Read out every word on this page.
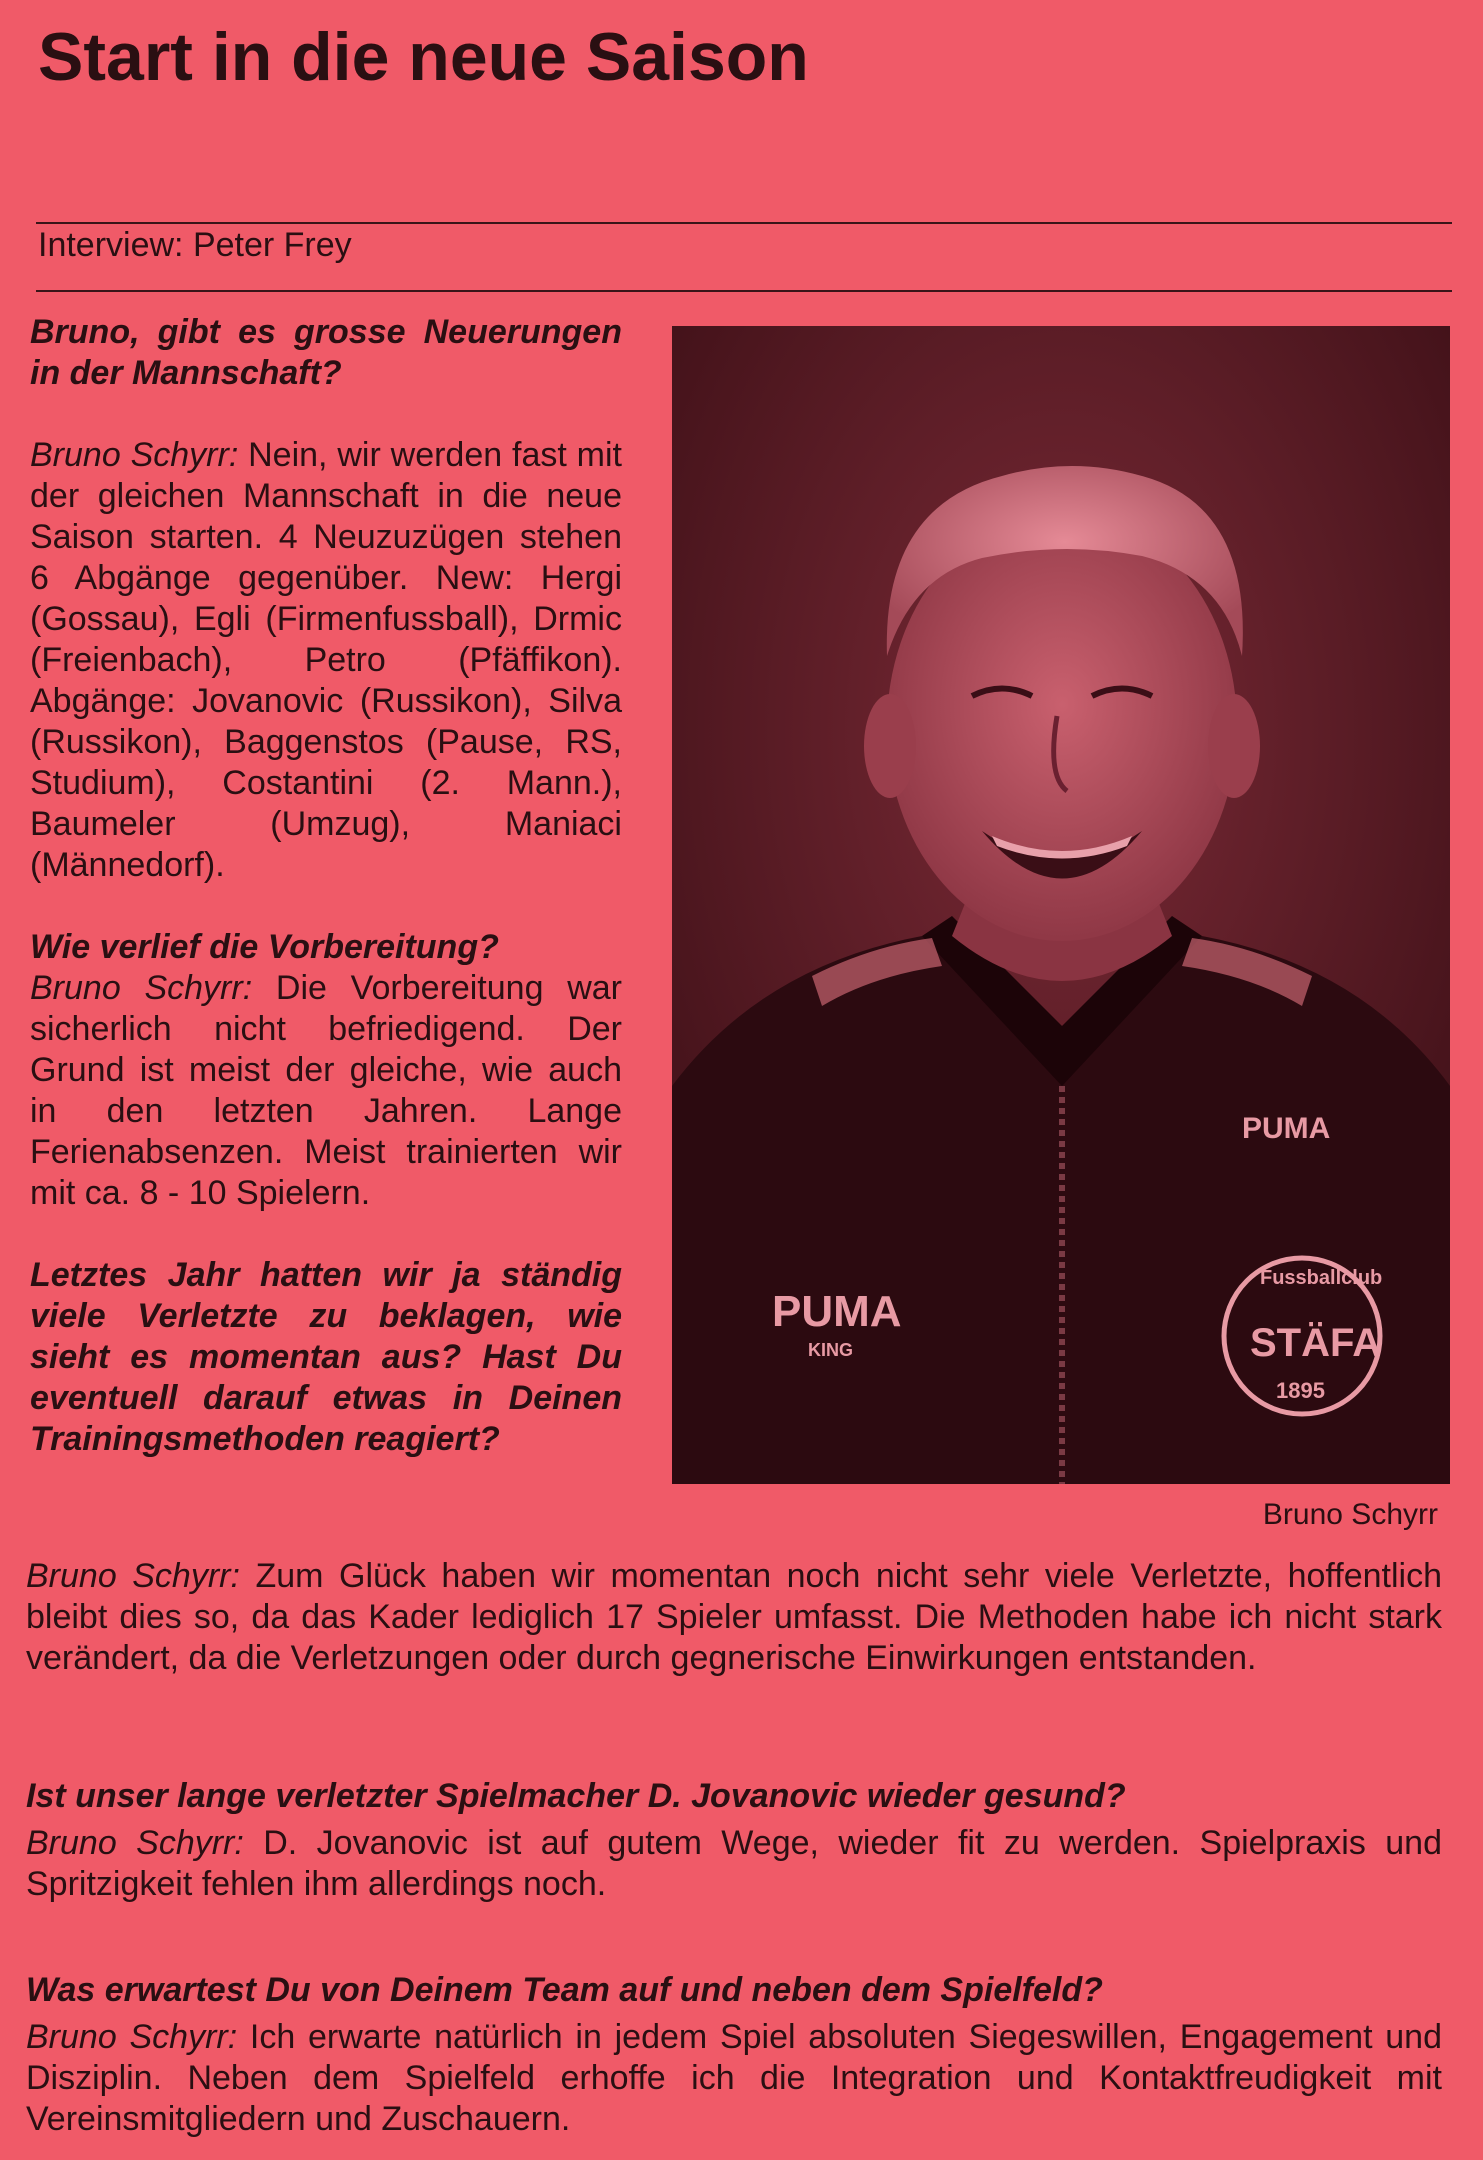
Start in die neue Saison
Interview: Peter Frey

Bruno, gibt es grosse Neuerungen in der Mannschaft?

Bruno Schyrr: Nein, wir werden fast mit der gleichen Mannschaft in die neue Saison starten. 4 Neuzuzügen stehen 6 Abgänge gegenüber. New: Hergi (Gossau), Egli (Firmenfussball), Drmic (Freienbach), Petro (Pfäffikon). Abgänge: Jovanovic (Russikon), Silva (Russikon), Baggenstos (Pause, RS, Studium), Costantini (2. Mann.), Baumeler (Umzug), Maniaci (Männedorf).

Wie verlief die Vorbereitung?

Bruno Schyrr: Die Vorbereitung war sicherlich nicht befriedigend. Der Grund ist meist der gleiche, wie auch in den letzten Jahren. Lange Ferienabsenzen. Meist trainierten wir mit ca. 8 - 10 Spielern.

Letztes Jahr hatten wir ja ständig viele Verletzte zu beklagen, wie sieht es momentan aus? Hast Du eventuell darauf etwas in Deinen Trainingsmethoden reagiert?

PUMA
PUMA
KING
Fussballclub
STÄFA
1895
Bruno Schyrr

Bruno Schyrr: Zum Glück haben wir momentan noch nicht sehr viele Verletzte, hoffentlich bleibt dies so, da das Kader lediglich 17 Spieler umfasst. Die Methoden habe ich nicht stark verändert, da die Verletzungen oder durch gegnerische Einwirkungen entstanden.

Ist unser lange verletzter Spielmacher D. Jovanovic wieder gesund?

Bruno Schyrr: D. Jovanovic ist auf gutem Wege, wieder fit zu werden. Spielpraxis und Spritzigkeit fehlen ihm allerdings noch.

Was erwartest Du von Deinem Team auf und neben dem Spielfeld?

Bruno Schyrr: Ich erwarte natürlich in jedem Spiel absoluten Siegeswillen, Engagement und Disziplin. Neben dem Spielfeld erhoffe ich die Integration und Kontaktfreudigkeit mit Vereinsmitgliedern und Zuschauern.
